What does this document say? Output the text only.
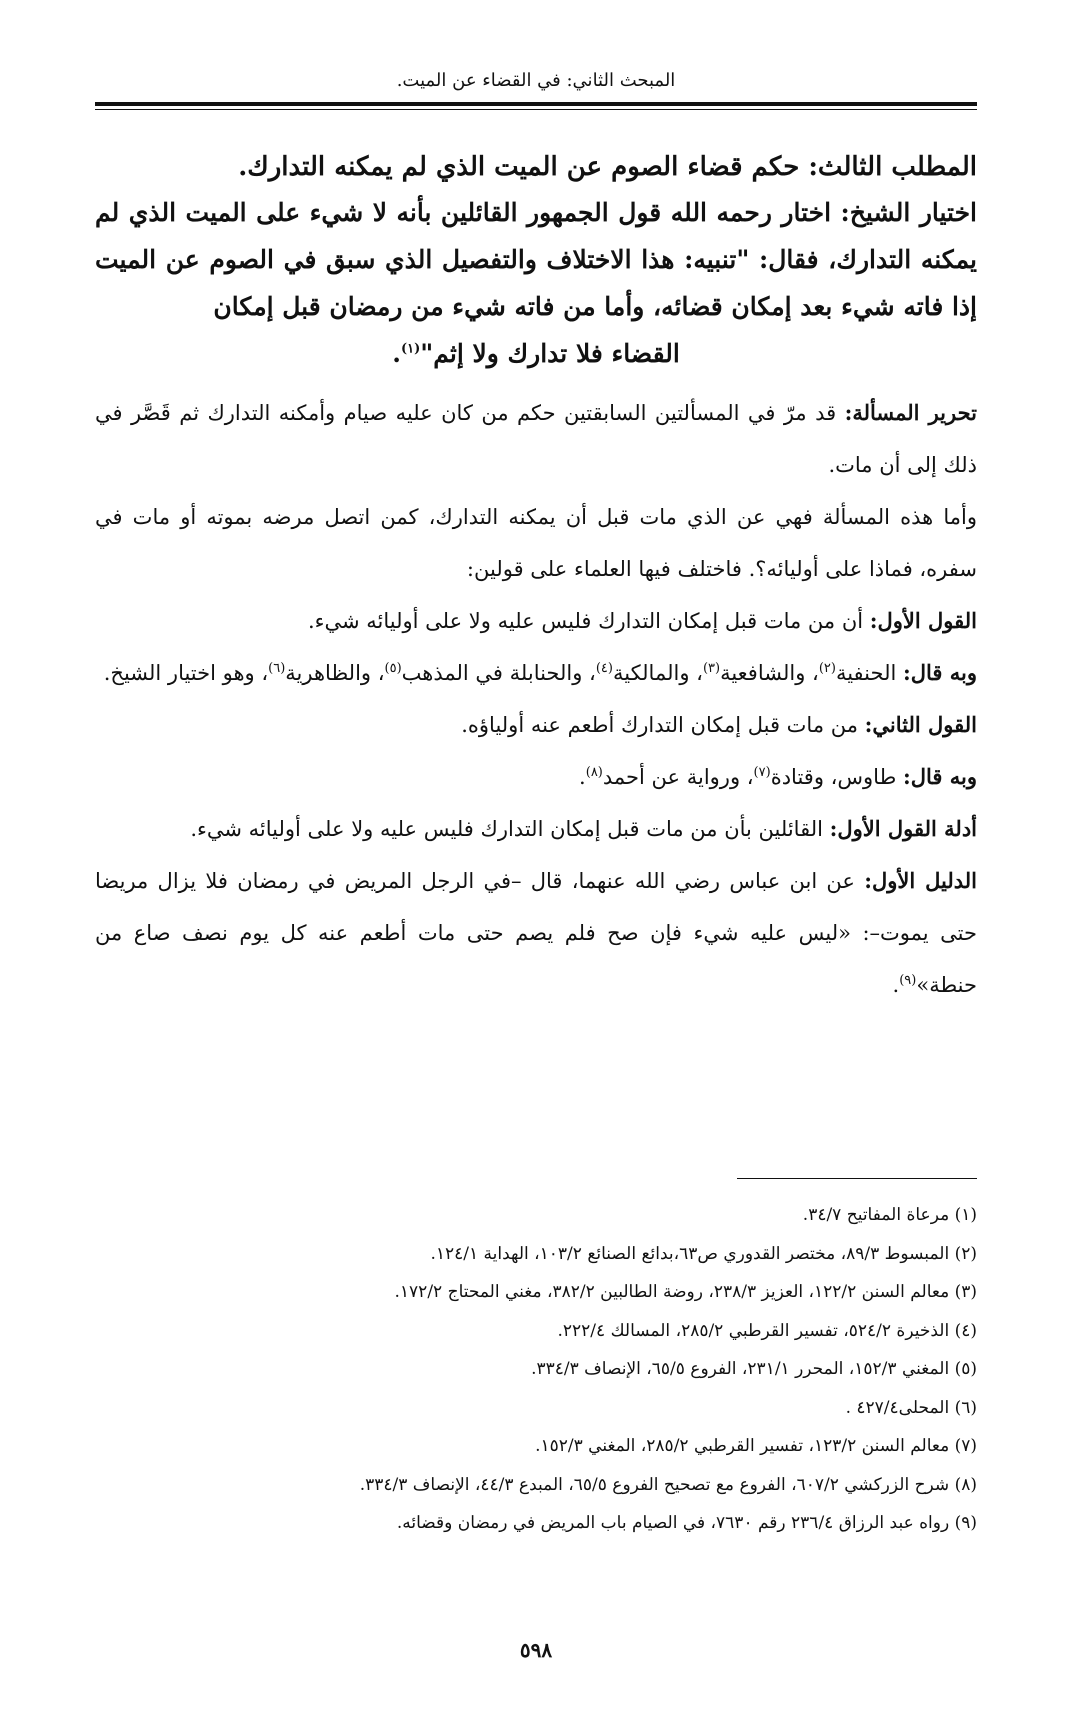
المبحث الثاني: في القضاء عن الميت.
المطلب الثالث: حكم قضاء الصوم عن الميت الذي لم يمكنه التدارك.
اختيار الشيخ: اختار رحمه الله قول الجمهور القائلين بأنه لا شيء على الميت الذي لم يمكنه التدارك، فقال: "تنبيه: هذا الاختلاف والتفصيل الذي سبق في الصوم عن الميت إذا فاته شيء بعد إمكان قضائه، وأما من فاته شيء من رمضان قبل إمكان
القضاء فلا تدارك ولا إثم"$^{(١)}$.

تحرير المسألة: قد مرّ في المسألتين السابقتين حكم من كان عليه صيام وأمكنه التدارك ثم قَصَّر في ذلك إلى أن مات.

وأما هذه المسألة فهي عن الذي مات قبل أن يمكنه التدارك، كمن اتصل مرضه بموته أو مات في سفره، فماذا على أوليائه؟. فاختلف فيها العلماء على قولين:

القول الأول: أن من مات قبل إمكان التدارك فليس عليه ولا على أوليائه شيء.

وبه قال: الحنفية$^{(٢)}$، والشافعية$^{(٣)}$، والمالكية$^{(٤)}$، والحنابلة في المذهب$^{(٥)}$، والظاهرية$^{(٦)}$، وهو اختيار الشيخ.

القول الثاني: من مات قبل إمكان التدارك أطعم عنه أولياؤه.

وبه قال: طاوس، وقتادة$^{(٧)}$، ورواية عن أحمد$^{(٨)}$.

أدلة القول الأول: القائلين بأن من مات قبل إمكان التدارك فليس عليه ولا على أوليائه شيء.

الدليل الأول: عن ابن عباس رضي الله عنهما، قال –في الرجل المريض في رمضان فلا يزال مريضا حتى يموت–: «ليس عليه شيء فإن صح فلم يصم حتى مات أطعم عنه كل يوم نصف صاع من حنطة»$^{(٩)}$.

(١) مرعاة المفاتيح ٣٤/٧.
(٢) المبسوط ٨٩/٣، مختصر القدوري ص٦٣،بدائع الصنائع ١٠٣/٢، الهداية ١٢٤/١.
(٣) معالم السنن ١٢٢/٢، العزيز ٢٣٨/٣، روضة الطالبين ٣٨٢/٢، مغني المحتاج ١٧٢/٢.
(٤) الذخيرة ٥٢٤/٢، تفسير القرطبي ٢٨٥/٢، المسالك ٢٢٢/٤.
(٥) المغني ١٥٢/٣، المحرر ٢٣١/١، الفروع ٦٥/٥، الإنصاف ٣٣٤/٣.
(٦) المحلى٤٢٧/٤ .
(٧) معالم السنن ١٢٣/٢، تفسير القرطبي ٢٨٥/٢، المغني ١٥٢/٣.
(٨) شرح الزركشي ٦٠٧/٢، الفروع مع تصحيح الفروع ٦٥/٥، المبدع ٤٤/٣، الإنصاف ٣٣٤/٣.
(٩) رواه عبد الرزاق ٢٣٦/٤ رقم ٧٦٣٠، في الصيام باب المريض في رمضان وقضائه.
٥٩٨
